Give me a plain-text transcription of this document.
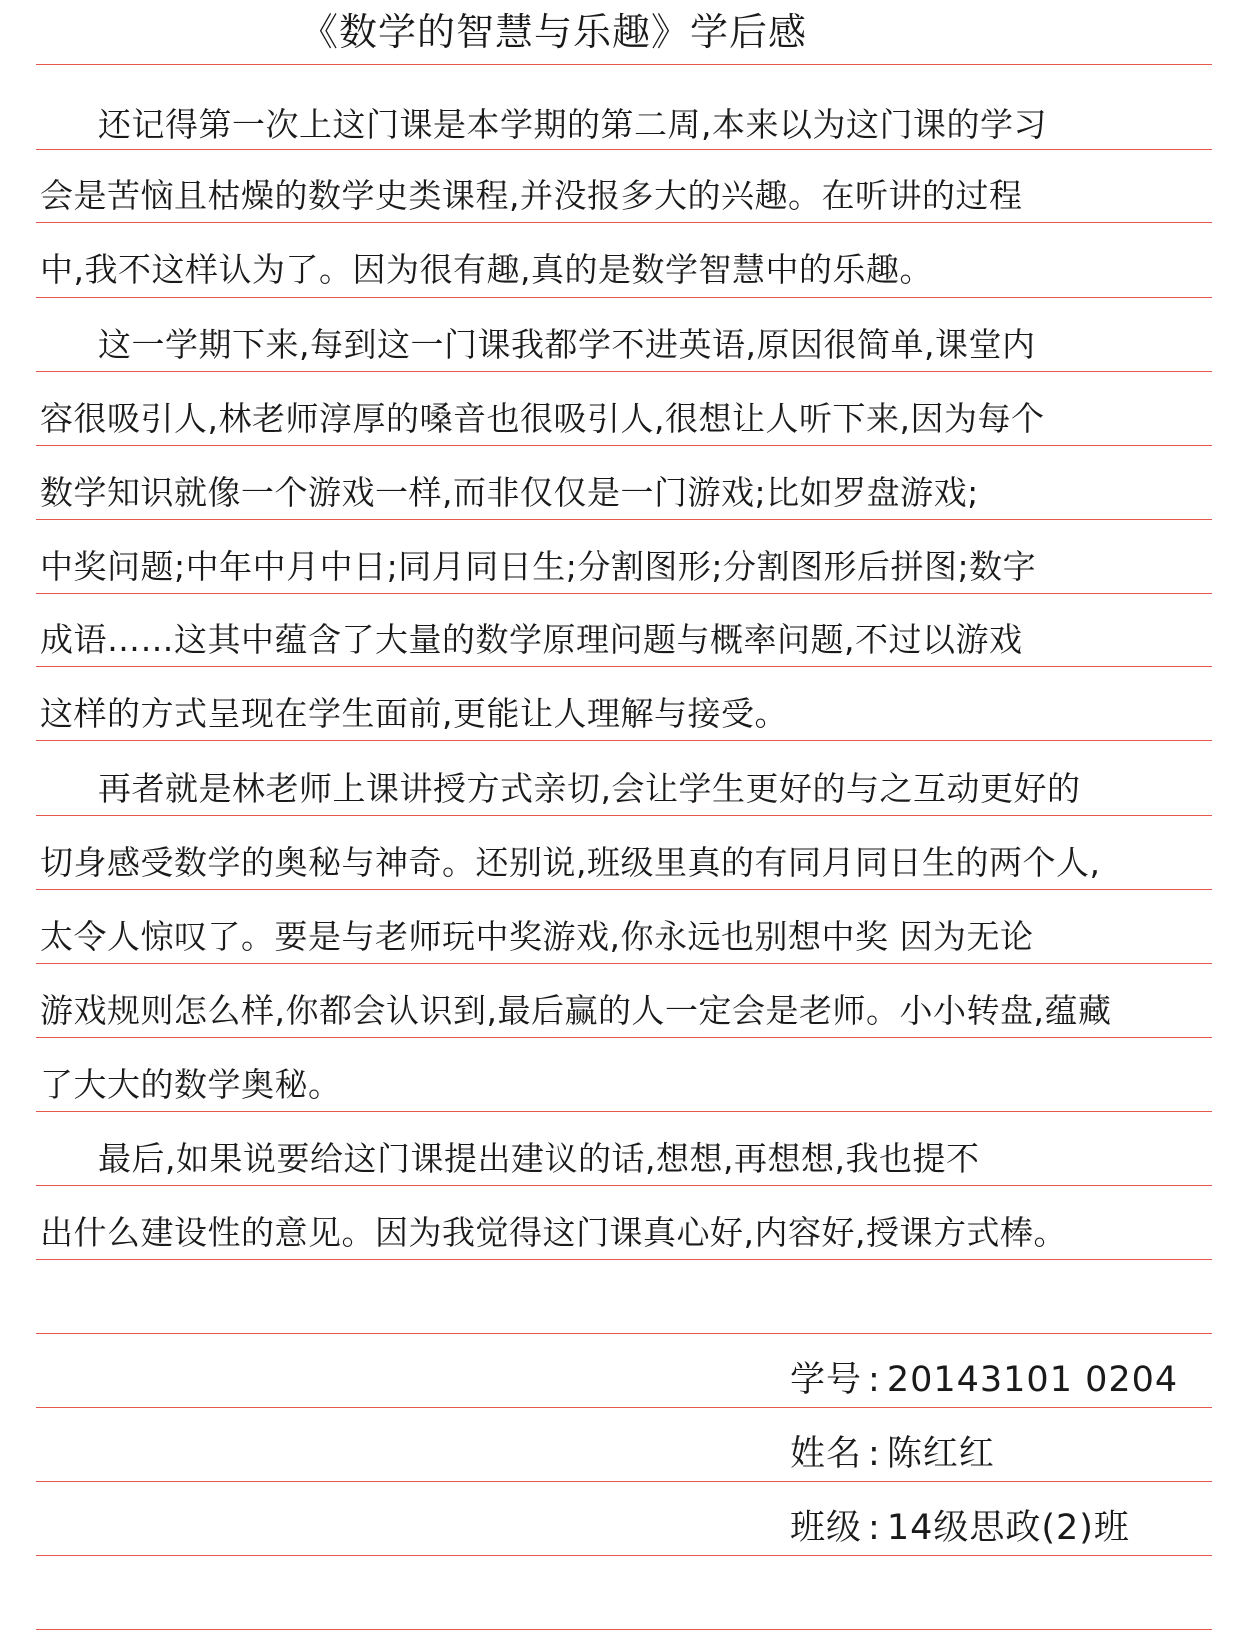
《数学的智慧与乐趣》学后感
还记得第一次上这门课是本学期的第二周,本来以为这门课的学习
会是苦恼且枯燥的数学史类课程,并没报多大的兴趣。在听讲的过程
中,我不这样认为了。因为很有趣,真的是数学智慧中的乐趣。
这一学期下来,每到这一门课我都学不进英语,原因很简单,课堂内
容很吸引人,林老师淳厚的嗓音也很吸引人,很想让人听下来,因为每个
数学知识就像一个游戏一样,而非仅仅是一门游戏;比如罗盘游戏;
中奖问题;中年中月中日;同月同日生;分割图形;分割图形后拼图;数字
成语……这其中蕴含了大量的数学原理问题与概率问题,不过以游戏
这样的方式呈现在学生面前,更能让人理解与接受。
再者就是林老师上课讲授方式亲切,会让学生更好的与之互动更好的
切身感受数学的奥秘与神奇。还别说,班级里真的有同月同日生的两个人,
太令人惊叹了。要是与老师玩中奖游戏,你永远也别想中奖 因为无论
游戏规则怎么样,你都会认识到,最后赢的人一定会是老师。小小转盘,蕴藏
了大大的数学奥秘。
最后,如果说要给这门课提出建议的话,想想,再想想,我也提不
出什么建设性的意见。因为我觉得这门课真心好,内容好,授课方式棒。
学号 : 20143101 0204
姓名 : 陈红红
班级 : 14级思政(2)班
